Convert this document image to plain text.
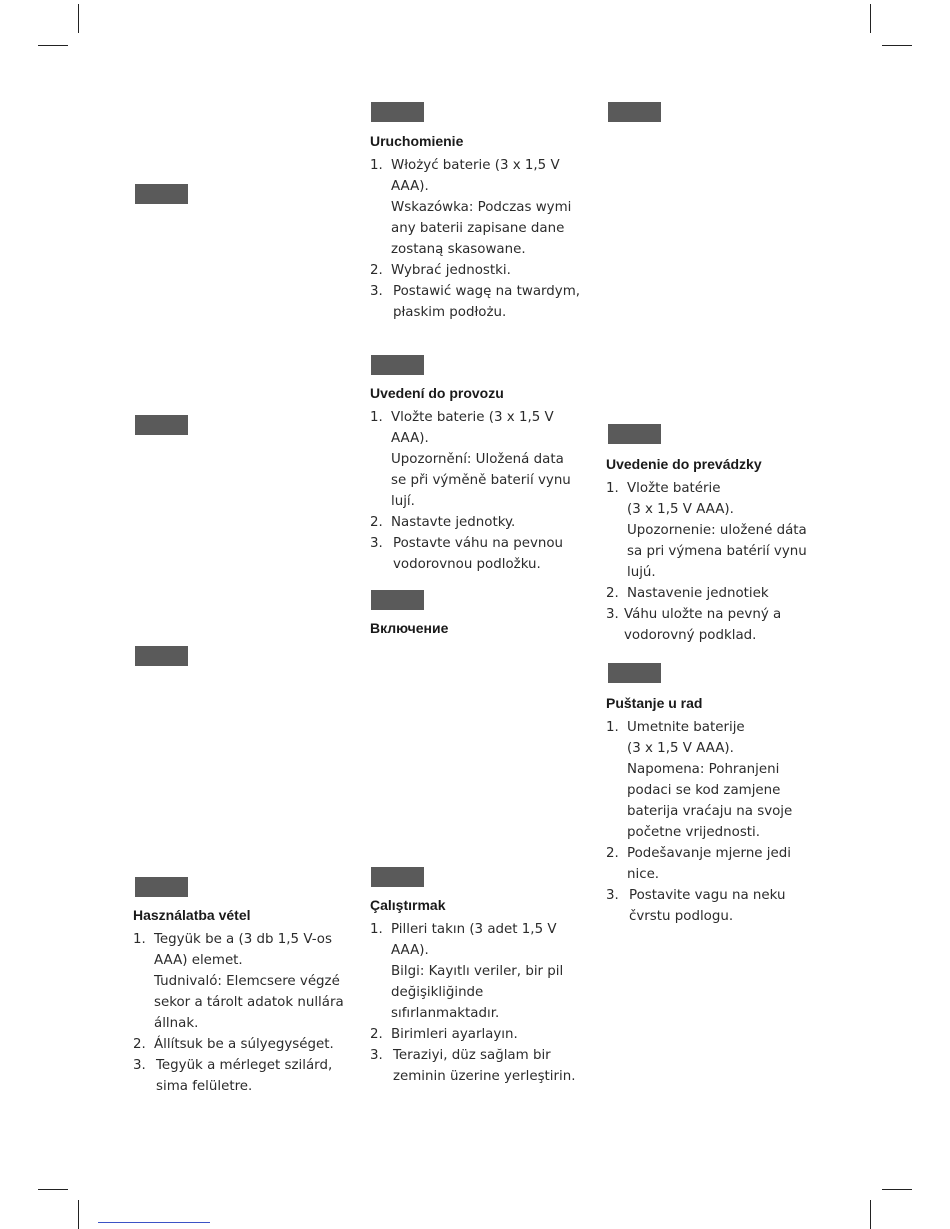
Uruchomienie
1. Włożyć baterie (3 x 1,5 V
AAA).
Wskazówka: Podczas wymi
any baterii zapisane dane
zostaną skasowane.
2. Wybrać jednostki.
3. Postawić wagę na twardym,
płaskim podłożu.
Uvedení do provozu
1. Vložte baterie (3 x 1,5 V
AAA).
Upozornění: Uložená data
se při výměně baterií vynu
lují.
2. Nastavte jednotky.
3. Postavte váhu na pevnou
vodorovnou podložku.
Включение
Uvedenie do prevádzky
1. Vložte batérie
(3 x 1,5 V AAA).
Upozornenie: uložené dáta
sa pri výmena batérií vynu
lujú.
2. Nastavenie jednotiek
3. Váhu uložte na pevný a
vodorovný podklad.
Puštanje u rad
1. Umetnite baterije
(3 x 1,5 V AAA).
Napomena: Pohranjeni
podaci se kod zamjene
baterija vraćaju na svoje
početne vrijednosti.
2. Podešavanje mjerne jedi
nice.
3. Postavite vagu na neku
čvrstu podlogu.
Használatba vétel
1. Tegyük be a (3 db 1,5 V-os
AAA) elemet.
Tudnivaló: Elemcsere végzé
sekor a tárolt adatok nullára
állnak.
2. Állítsuk be a súlyegységet.
3. Tegyük a mérleget szilárd,
sima felületre.
Çalıştırmak
1. Pilleri takın (3 adet 1,5 V
AAA).
Bilgi: Kayıtlı veriler, bir pil
değişikliğinde
sıfırlanmaktadır.
2. Birimleri ayarlayın.
3. Teraziyi, düz sağlam bir
zeminin üzerine yerleştirin.
